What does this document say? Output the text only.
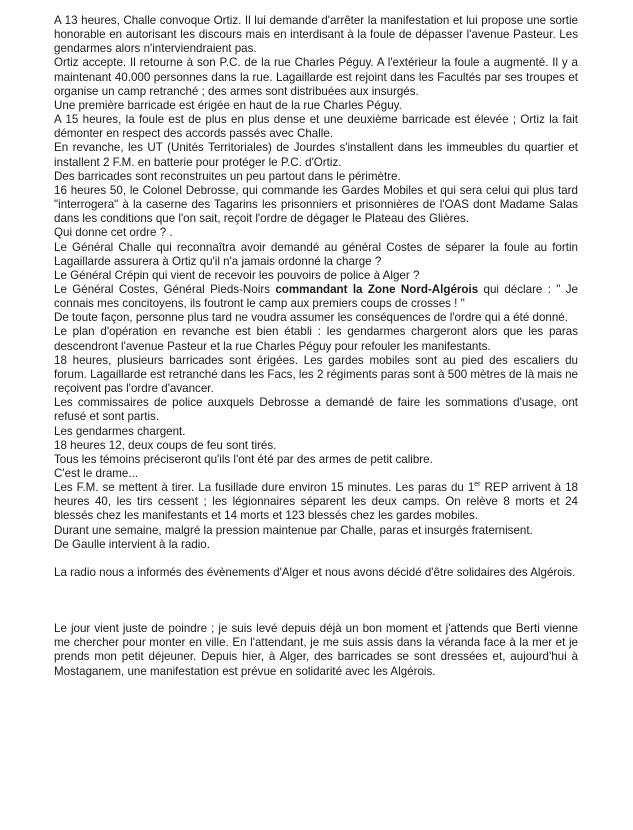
A 13 heures, Challe convoque Ortiz. Il lui demande d'arrêter la manifestation et lui propose une sortie honorable en autorisant les discours mais en interdisant à la foule de dépasser l'avenue Pasteur. Les gendarmes alors n'interviendraient pas.

Ortiz accepte. Il retourne à son P.C. de la rue Charles Péguy. A l'extérieur la foule a augmenté. Il y a maintenant 40.000 personnes dans la rue. Lagaillarde est rejoint dans les Facultés par ses troupes et organise un camp retranché ; des armes sont distribuées aux insurgés.

Une première barricade est érigée en haut de la rue Charles Péguy.

A 15 heures, la foule est de plus en plus dense et une deuxième barricade est élevée ; Ortiz la fait démonter en respect des accords passés avec Challe.

En revanche, les UT (Unités Territoriales) de Jourdes s'installent dans les immeubles du quartier et installent 2 F.M. en batterie pour protéger le P.C. d'Ortiz.

Des barricades sont reconstruites un peu partout dans le périmètre.

16 heures 50, le Colonel Debrosse, qui commande les Gardes Mobiles et qui sera celui qui plus tard "interrogera" à la caserne des Tagarins les prisonniers et prisonnières de l'OAS dont Madame Salas dans les conditions que l'on sait, reçoit l'ordre de dégager le Plateau des Glières.

Qui donne cet ordre ? .

Le Général Challe qui reconnaîtra avoir demandé au général Costes de séparer la foule au fortin Lagaillarde assurera à Ortiz qu'il n'a jamais ordonné la charge ?

Le Général Crépin qui vient de recevoir les pouvoirs de police à Alger ?

Le Général Costes, Général Pieds-Noirs commandant la Zone Nord-Algérois qui déclare : " Je connais mes concitoyens, ils foutront le camp aux premiers coups de crosses ! "

De toute façon, personne plus tard ne voudra assumer les conséquences de l'ordre qui a été donné.

Le plan d'opération en revanche est bien établi : les gendarmes chargeront alors que les paras descendront l'avenue Pasteur et la rue Charles Péguy pour refouler les manifestants.

18 heures, plusieurs barricades sont érigées. Les gardes mobiles sont au pied des escaliers du forum. Lagaillarde est retranché dans les Facs, les 2 régiments paras sont à 500 mètres de là mais ne reçoivent pas l'ordre d'avancer.

Les commissaires de police auxquels Debrosse a demandé de faire les sommations d'usage, ont refusé et sont partis.

Les gendarmes chargent.

18 heures 12, deux coups de feu sont tirés.

Tous les témoins préciseront qu'ils l'ont été par des armes de petit calibre.

C'est le drame...

Les F.M. se mettent à tirer. La fusillade dure environ 15 minutes. Les paras du 1er REP arrivent à 18 heures 40, les tirs cessent ; les légionnaires séparent les deux camps. On relève 8 morts et 24 blessés chez les manifestants et 14 morts et 123 blessés chez les gardes mobiles.

Durant une semaine, malgré la pression maintenue par Challe, paras et insurgés fraternisent.

De Gaulle intervient à la radio.

La radio nous a informés des évènements d'Alger et nous avons décidé d'être solidaires des Algérois.

Le jour vient juste de poindre ; je suis levé depuis déjà un bon moment et j'attends que Berti vienne me chercher pour monter en ville. En l'attendant, je me suis assis dans la véranda face à la mer et je prends mon petit déjeuner. Depuis hier, à Alger, des barricades se sont dressées et, aujourd'hui à Mostaganem, une manifestation est prévue en solidarité avec les Algérois.
